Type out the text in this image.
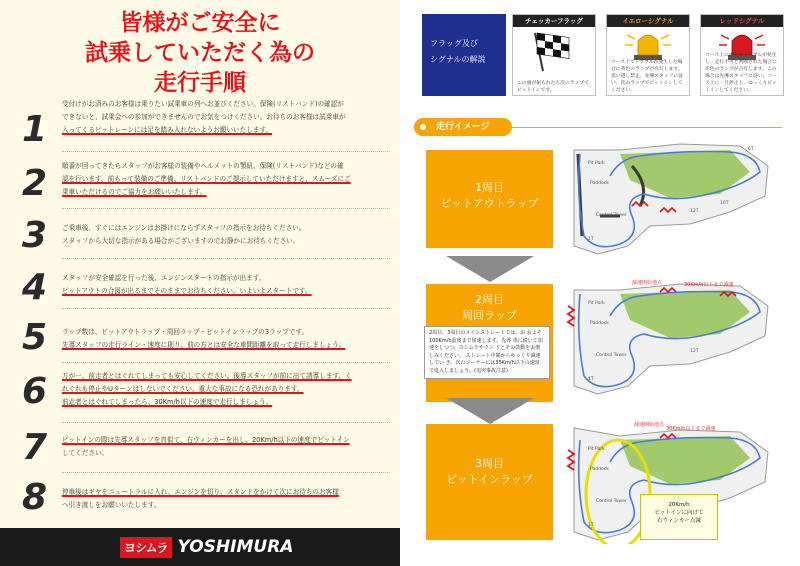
皆様がご安全に
試乗していただく為の
走行手順
1
受付けがお済みのお客様は乗りたい試乗車の列へお並びください。保険(リストバンド)の確認が
できないと、試乗会への参加ができませんのでお気をつけください。お待ちのお客様は試乗車が
入ってくるピットレーンには足を踏み入れないようお願いいたします。
2	順番が回ってきたらスタッフがお客様の装備やヘルメットの顎紐、保険(リストバンド)などの確
認を行います。前もって装備のご準備、リストバンドのご提示していただけますと、スムーズにご
乗車いただけるのでご協力をお願いいたします。
3	ご乗車後、すぐにはエンジンはお掛けにならずスタッフの指示をお待ちください。
スタッフから大切な指示がある場合がございますのでお静かにお待ちください。
4	スタッフが安全確認を行った後、エンジンスタートの指示が出ます。
ピットアウトの合図が出るまでそのままでお待ちください。いよいよスタートです。
5	ラップ数は、ピットアウトラップ・周回ラップ・ピットインラップの3ラップです。
先導スタッフの走行ライン・速度に則り、前の方とは安全な車間距離を取って走行しましょう。
6	万が一、前走者とはぐれてしまっても安心してください。後導スタッフが前に出て誘導します。く
れぐれも停止やUターンはしないでください。重大な事故になる恐れがあります。
前走者とはぐれてしまったら、30Km/h以下の速度で走行しましょう。
7	ピットインの際は先導スタッフを真似て、右ウィンカーを出し、20Km/h以下の速度でピットイン
してください。
8	停車後はギヤをニュートラルに入れ、エンジンを切り、スタンドをかけて次にお待ちのお客様
へ引き渡しをお願いいたします。
ヨシムラ YOSHIMURA
フラッグ及び
シグナルの解説
チェッカーフラッグ
この旗が振られたら次のラップでピットインです。
イエローシグナル
コース上でトラブルが発生した場合に黄色のランプが点灯します。追い越し禁止、先導スタッフに従い、次のラップでピットインしてください。
レッドシグナル
コース上に重大なトラブルが発生し、走行不可と判断された場合に赤色のランプが点灯します。この場合は先導スタッフに従い、コース上に一旦停止し、ゆっくりピットインしてください。
走行イメージ
1周目
ピットアウトラップ
2周目
周回ラップ
2周目、3周目のメインストレートでは、お およそ100Km/h前後まで加速します。先導 車に続いて加速をしつつ、ヨシムラサウン ドとその鼓動をお楽しみください。 ストレート中間からゆっくり減速してい き、次のコーナーには35Km/h以下の速度 で進入しましょう。(追突事故注意)
3周目
ピットインラップ
Pit Park
Paddock
Control Tower
1T
6T
10T
12T
減速開始地点	30Km/h以下まで減速
Pit Park
Paddock
Control Tower
1T
12T
減速開始地点
30Km/h以下まで減速
Pit Park
Paddock
Control Tower
1T
20Km/h
ピットインに向けて
右ウィンカー点滅
